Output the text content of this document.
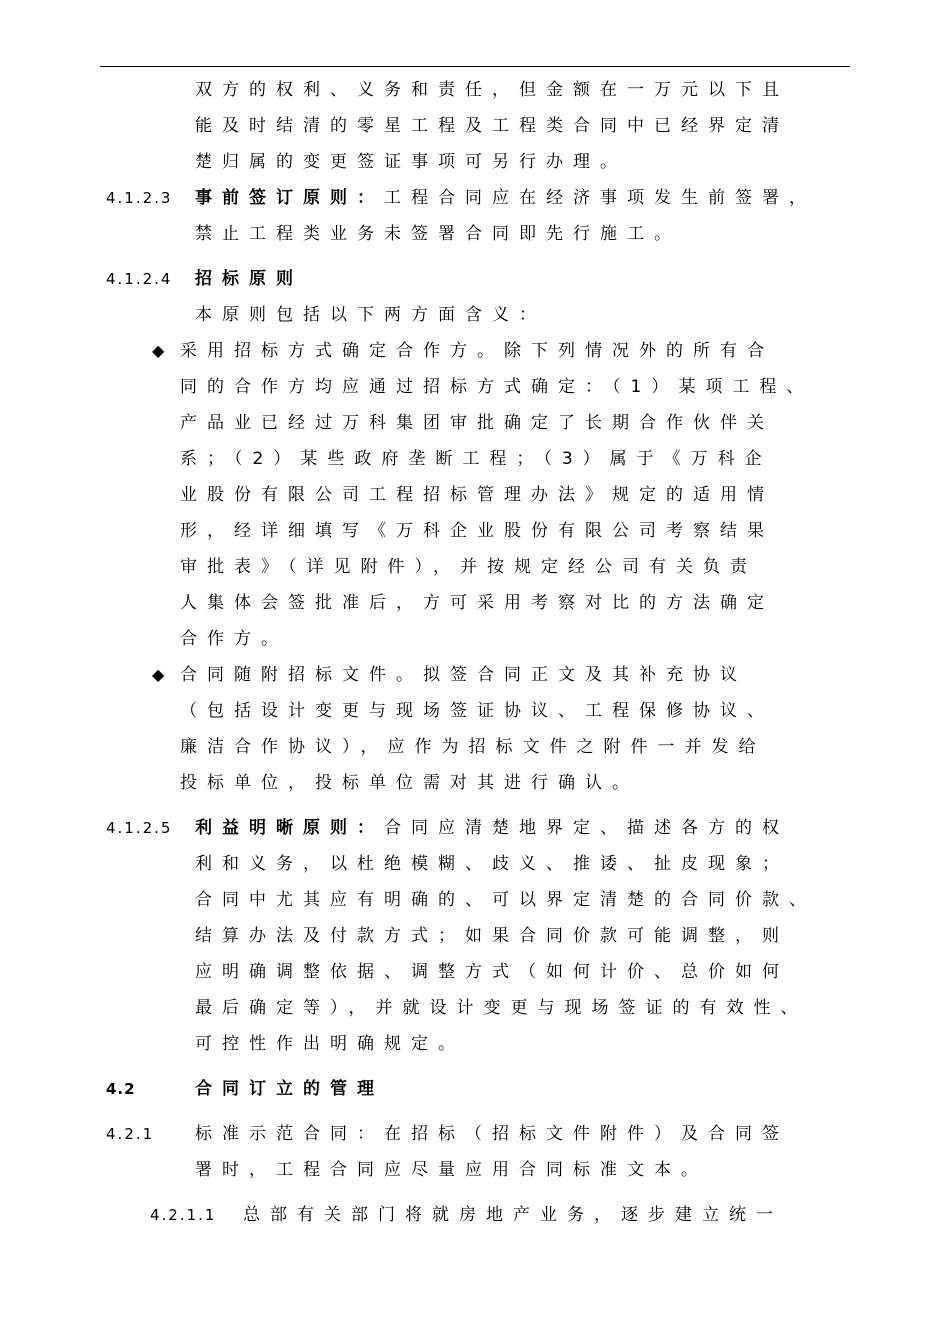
双方的权利、义务和责任，但金额在一万元以下且
能及时结清的零星工程及工程类合同中已经界定清
楚归属的变更签证事项可另行办理。
4.1.2.3 事前签订原则：工程合同应在经济事项发生前签署，
禁止工程类业务未签署合同即先行施工。
4.1.2.4 招标原则
本原则包括以下两方面含义：
◆ 采用招标方式确定合作方。除下列情况外的所有合
同的合作方均应通过招标方式确定：（1）某项工程、
产品业已经过万科集团审批确定了长期合作伙伴关
系；（2）某些政府垄断工程；（3）属于《万科企
业股份有限公司工程招标管理办法》规定的适用情
形，经详细填写《万科企业股份有限公司考察结果
审批表》（详见附件），并按规定经公司有关负责
人集体会签批准后，方可采用考察对比的方法确定
合作方。
◆ 合同随附招标文件。拟签合同正文及其补充协议
（包括设计变更与现场签证协议、工程保修协议、
廉洁合作协议），应作为招标文件之附件一并发给
投标单位，投标单位需对其进行确认。
4.1.2.5 利益明晰原则：合同应清楚地界定、描述各方的权
利和义务，以杜绝模糊、歧义、推诿、扯皮现象；
合同中尤其应有明确的、可以界定清楚的合同价款、
结算办法及付款方式；如果合同价款可能调整，则
应明确调整依据、调整方式（如何计价、总价如何
最后确定等），并就设计变更与现场签证的有效性、
可控性作出明确规定。
4.2	合同订立的管理
4.2.1 标准示范合同：在招标（招标文件附件）及合同签
署时，工程合同应尽量应用合同标准文本。
4.2.1.1 总部有关部门将就房地产业务，逐步建立统一
